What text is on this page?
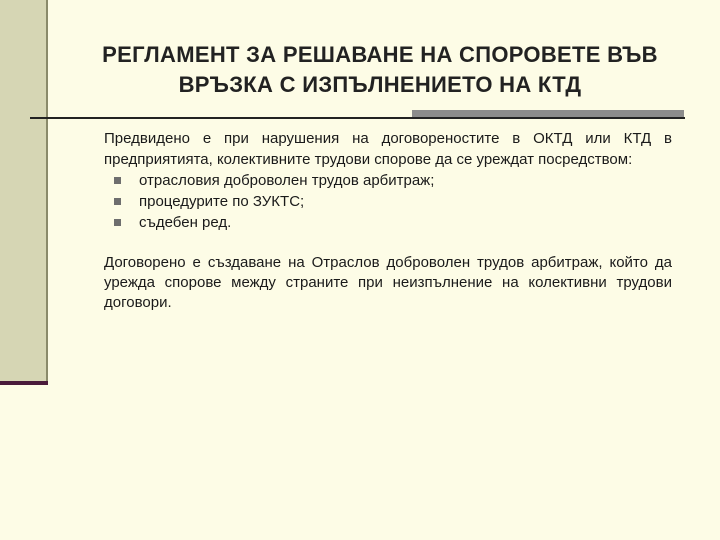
РЕГЛАМЕНТ ЗА РЕШАВАНЕ НА СПОРОВЕТЕ ВЪВ
ВРЪЗКА С ИЗПЪЛНЕНИЕТО НА КТД

Предвидено е при нарушения на договореностите в ОКТД или КТД в предприятията, колективните трудови спорове да се уреждат посредством:

отрасловия доброволен трудов арбитраж;
процедурите по ЗУКТС;
съдебен ред.

Договорено е създаване на Отраслов доброволен трудов арбитраж, който да урежда спорове между страните при неизпълнение на колективни трудови договори.
